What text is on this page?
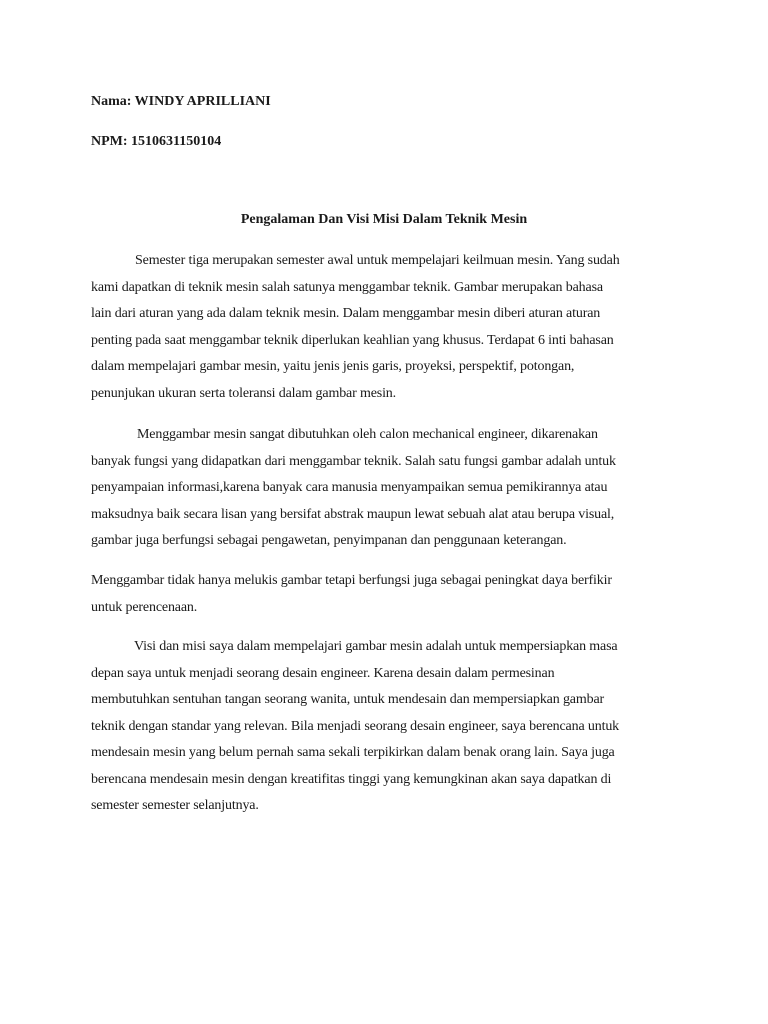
Nama: WINDY APRILLIANI
NPM: 1510631150104
Pengalaman Dan Visi Misi Dalam Teknik Mesin
Semester tiga merupakan semester awal untuk mempelajari keilmuan mesin. Yang sudah
kami dapatkan di teknik mesin salah satunya menggambar teknik. Gambar merupakan bahasa
lain dari aturan yang ada dalam teknik mesin. Dalam menggambar mesin diberi aturan aturan
penting pada saat menggambar teknik diperlukan keahlian yang khusus. Terdapat 6 inti bahasan
dalam mempelajari gambar mesin, yaitu jenis jenis garis, proyeksi, perspektif, potongan,
penunjukan ukuran serta toleransi dalam gambar mesin.
Menggambar mesin sangat dibutuhkan oleh calon mechanical engineer, dikarenakan
banyak fungsi yang didapatkan dari menggambar teknik. Salah satu fungsi gambar adalah untuk
penyampaian informasi,karena banyak cara manusia menyampaikan semua pemikirannya atau
maksudnya baik secara lisan yang bersifat abstrak maupun lewat sebuah alat atau berupa visual,
gambar juga berfungsi sebagai pengawetan, penyimpanan dan penggunaan keterangan.
Menggambar tidak hanya melukis gambar tetapi berfungsi juga sebagai peningkat daya berfikir
untuk perencenaan.
Visi dan misi saya dalam mempelajari gambar mesin adalah untuk mempersiapkan masa
depan saya untuk menjadi seorang desain engineer. Karena desain dalam permesinan
membutuhkan sentuhan tangan seorang wanita, untuk mendesain dan mempersiapkan gambar
teknik dengan standar yang relevan. Bila menjadi seorang desain engineer, saya berencana untuk
mendesain mesin yang belum pernah sama sekali terpikirkan dalam benak orang lain. Saya juga
berencana mendesain mesin dengan kreatifitas tinggi yang kemungkinan akan saya dapatkan di
semester semester selanjutnya.
